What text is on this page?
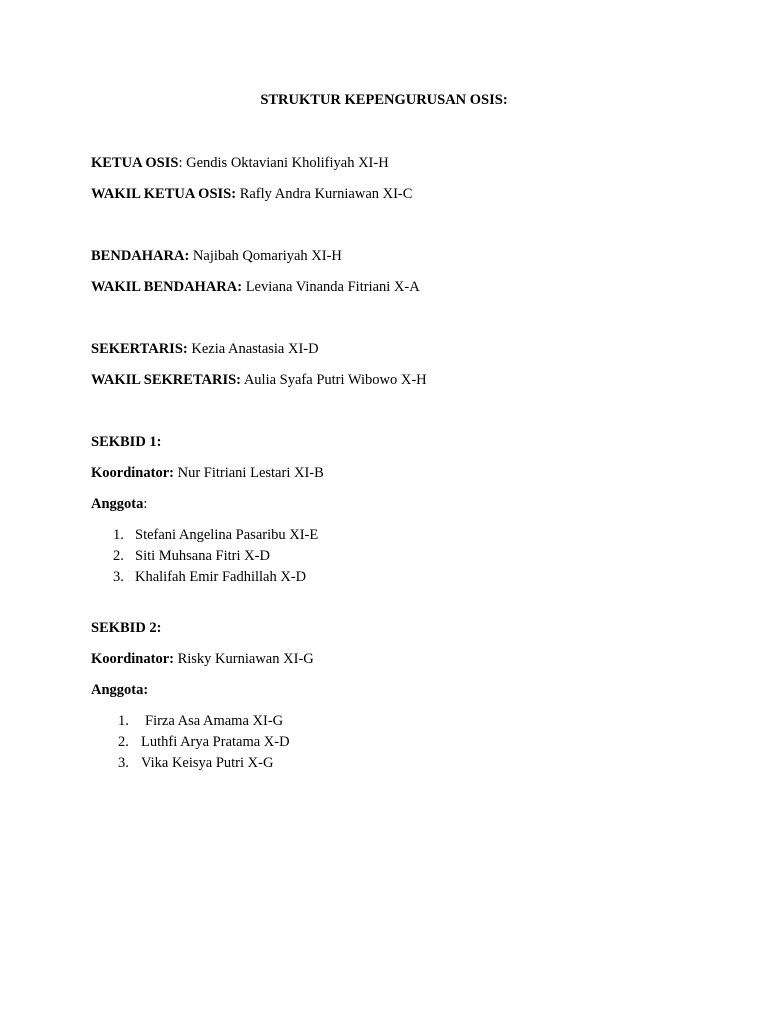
STRUKTUR KEPENGURUSAN OSIS:
KETUA OSIS: Gendis Oktaviani Kholifiyah XI-H
WAKIL KETUA OSIS: Rafly Andra Kurniawan XI-C
BENDAHARA: Najibah Qomariyah XI-H
WAKIL BENDAHARA: Leviana Vinanda Fitriani X-A
SEKERTARIS: Kezia Anastasia XI-D
WAKIL SEKRETARIS: Aulia Syafa Putri Wibowo X-H
SEKBID 1:
Koordinator: Nur Fitriani Lestari XI-B
Anggota:
1. Stefani Angelina Pasaribu XI-E
2. Siti Muhsana Fitri X-D
3. Khalifah Emir Fadhillah X-D
SEKBID 2:
Koordinator: Risky Kurniawan XI-G
Anggota:
1. Firza Asa Amama XI-G
2. Luthfi Arya Pratama X-D
3. Vika Keisya Putri X-G
